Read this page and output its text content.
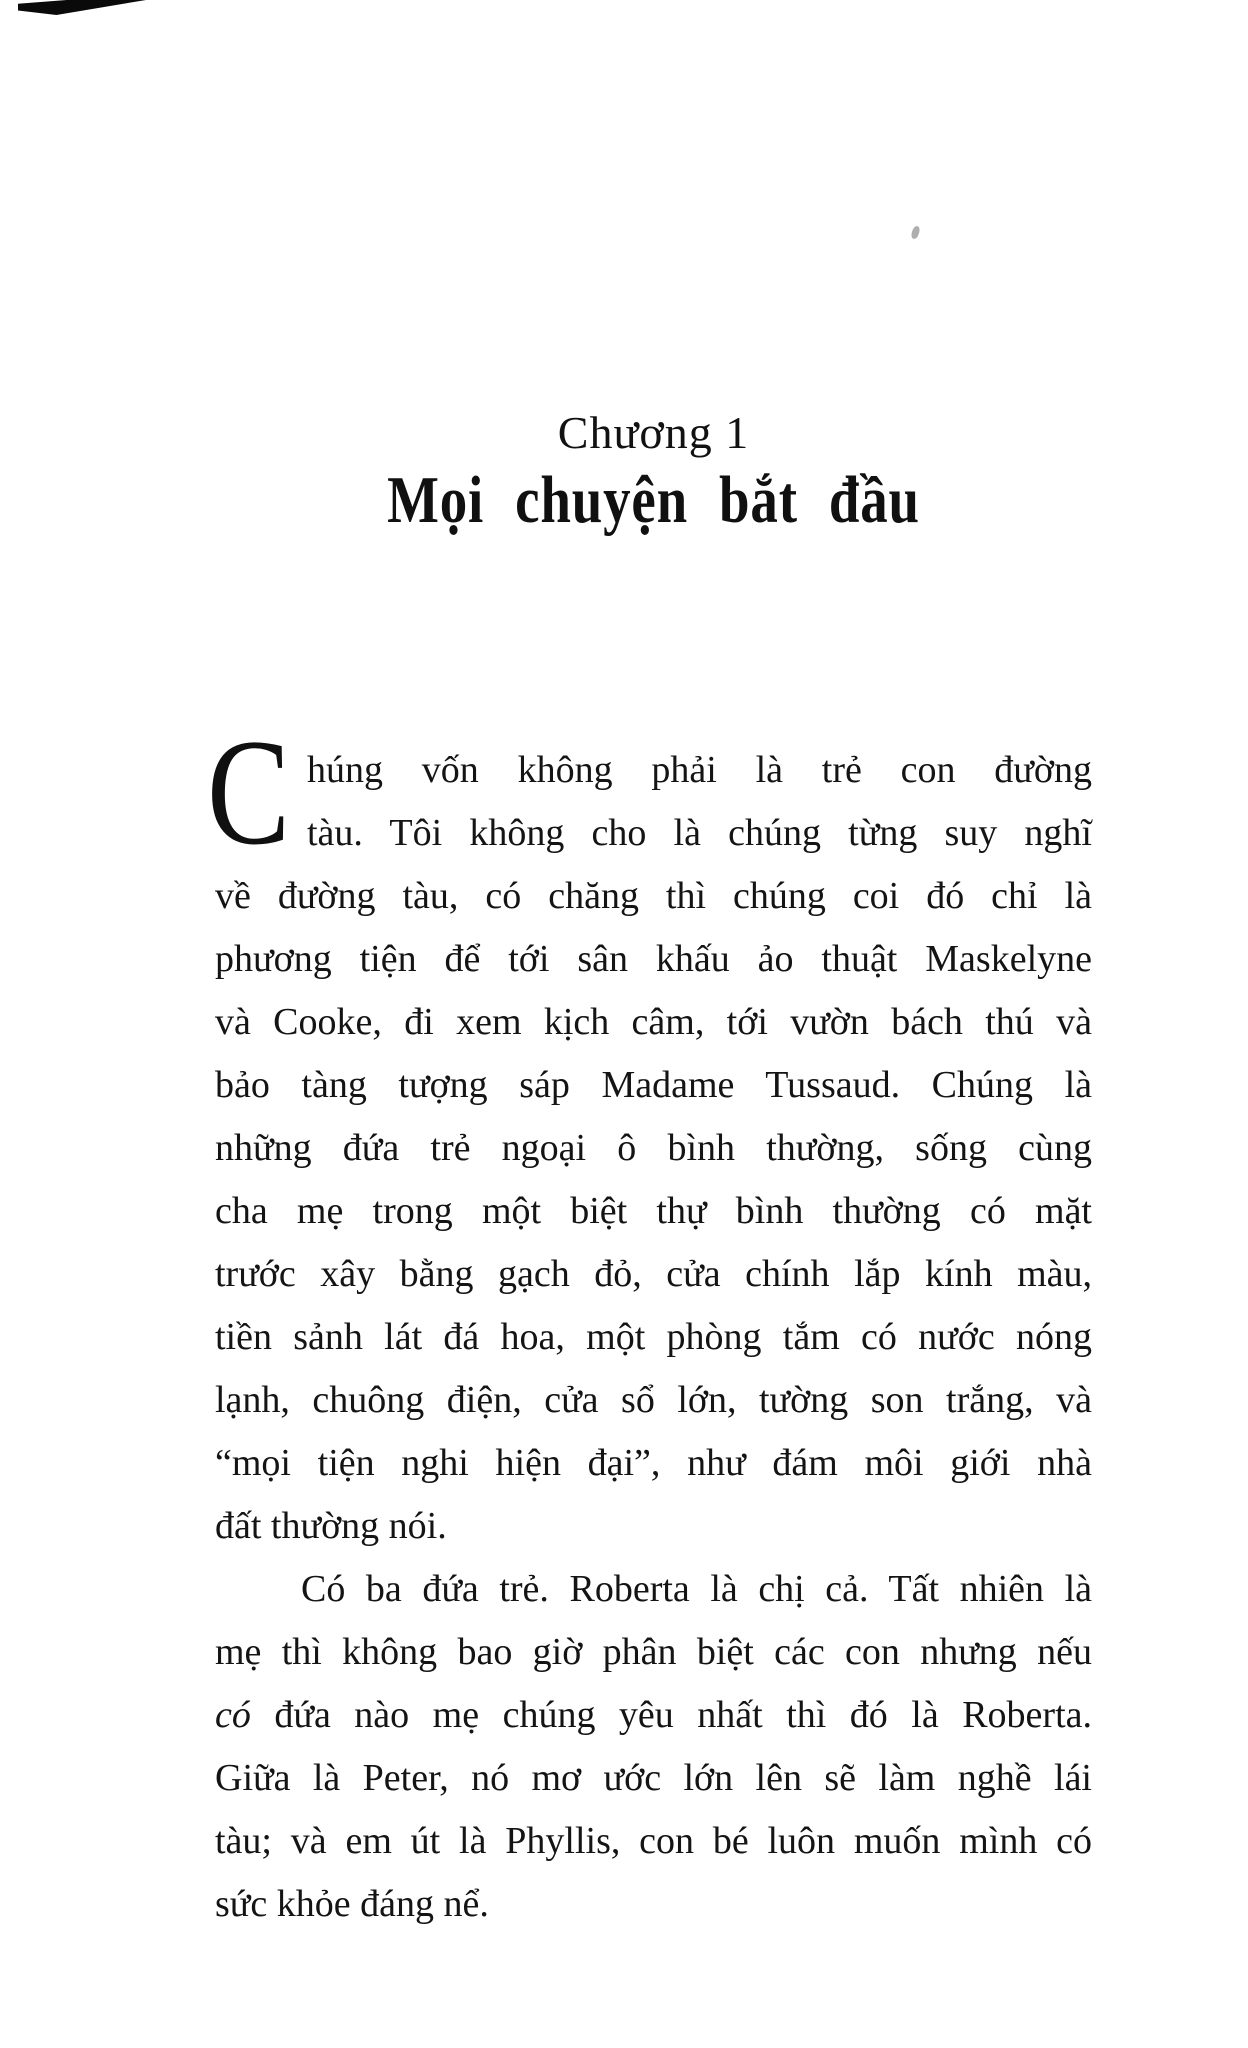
Chương 1
Mọi chuyện bắt đầu
C húng vốn không phải là trẻ con đường
tàu. Tôi không cho là chúng từng suy nghĩ
về đường tàu, có chăng thì chúng coi đó chỉ là
phương tiện để tới sân khấu ảo thuật Maskelyne
và Cooke, đi xem kịch câm, tới vườn bách thú và
bảo tàng tượng sáp Madame Tussaud. Chúng là
những đứa trẻ ngoại ô bình thường, sống cùng
cha mẹ trong một biệt thự bình thường có mặt
trước xây bằng gạch đỏ, cửa chính lắp kính màu,
tiền sảnh lát đá hoa, một phòng tắm có nước nóng
lạnh, chuông điện, cửa sổ lớn, tường son trắng, và
“mọi tiện nghi hiện đại”, như đám môi giới nhà
đất thường nói.
Có ba đứa trẻ. Roberta là chị cả. Tất nhiên là
mẹ thì không bao giờ phân biệt các con nhưng nếu
có đứa nào mẹ chúng yêu nhất thì đó là Roberta.
Giữa là Peter, nó mơ ước lớn lên sẽ làm nghề lái
tàu; và em út là Phyllis, con bé luôn muốn mình có
sức khỏe đáng nể.
